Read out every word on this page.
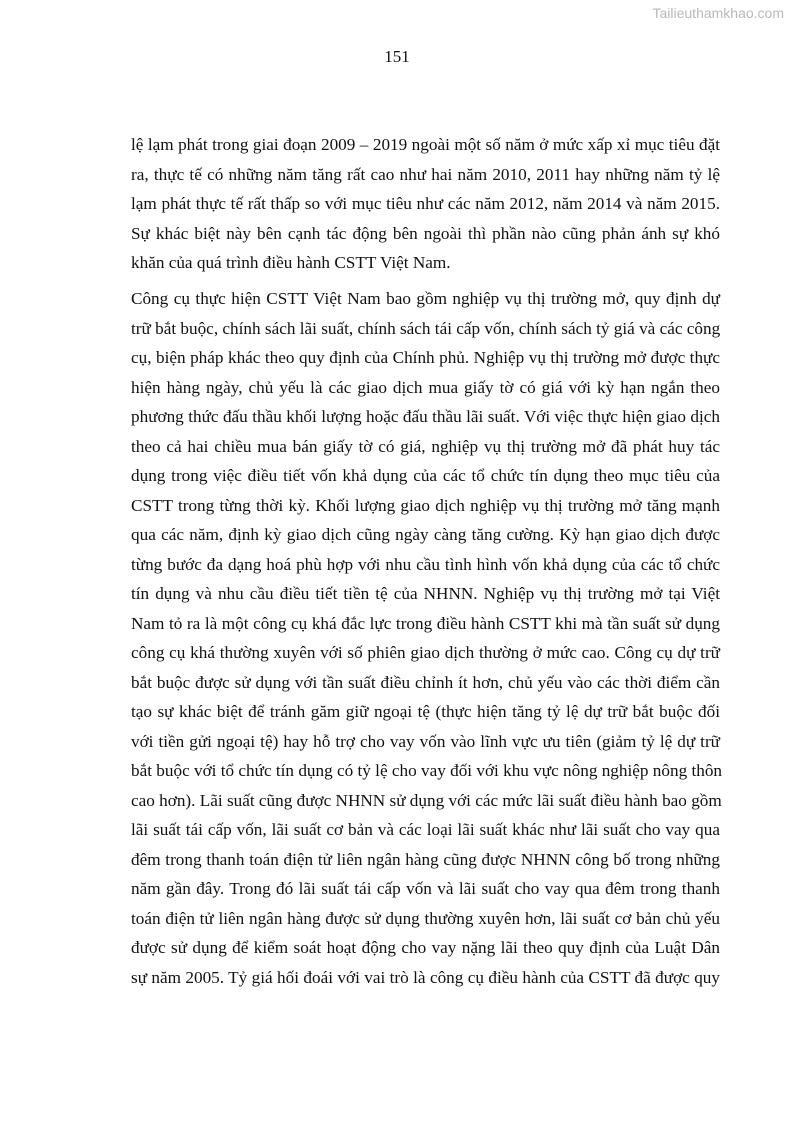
Tailieuthamkhao.com
151
lệ lạm phát trong giai đoạn 2009 – 2019 ngoài một số năm ở mức xấp xỉ mục tiêu đặt
ra, thực tế có những năm tăng rất cao như hai năm 2010, 2011 hay những năm tỷ lệ
lạm phát thực tế rất thấp so với mục tiêu như các năm 2012, năm 2014 và năm 2015.
Sự khác biệt này bên cạnh tác động bên ngoài thì phần nào cũng phản ánh sự khó
khăn của quá trình điều hành CSTT Việt Nam.
Công cụ thực hiện CSTT Việt Nam bao gồm nghiệp vụ thị trường mở, quy định dự
trữ bắt buộc, chính sách lãi suất, chính sách tái cấp vốn, chính sách tỷ giá và các công
cụ, biện pháp khác theo quy định của Chính phủ. Nghiệp vụ thị trường mở được thực
hiện hàng ngày, chủ yếu là các giao dịch mua giấy tờ có giá với kỳ hạn ngắn theo
phương thức đấu thầu khối lượng hoặc đấu thầu lãi suất. Với việc thực hiện giao dịch
theo cả hai chiều mua bán giấy tờ có giá, nghiệp vụ thị trường mở đã phát huy tác
dụng trong việc điều tiết vốn khả dụng của các tổ chức tín dụng theo mục tiêu của
CSTT trong từng thời kỳ. Khối lượng giao dịch nghiệp vụ thị trường mở tăng mạnh
qua các năm, định kỳ giao dịch cũng ngày càng tăng cường. Kỳ hạn giao dịch được
từng bước đa dạng hoá phù hợp với nhu cầu tình hình vốn khả dụng của các tổ chức
tín dụng và nhu cầu điều tiết tiền tệ của NHNN. Nghiệp vụ thị trường mở tại Việt
Nam tỏ ra là một công cụ khá đắc lực trong điều hành CSTT khi mà tần suất sử dụng
công cụ khá thường xuyên với số phiên giao dịch thường ở mức cao. Công cụ dự trữ
bắt buộc được sử dụng với tần suất điều chỉnh ít hơn, chủ yếu vào các thời điểm cần
tạo sự khác biệt để tránh găm giữ ngoại tệ (thực hiện tăng tỷ lệ dự trữ bắt buộc đối
với tiền gửi ngoại tệ) hay hỗ trợ cho vay vốn vào lĩnh vực ưu tiên (giảm tỷ lệ dự trữ
bắt buộc với tổ chức tín dụng có tỷ lệ cho vay đối với khu vực nông nghiệp nông thôn
cao hơn). Lãi suất cũng được NHNN sử dụng với các mức lãi suất điều hành bao gồm
lãi suất tái cấp vốn, lãi suất cơ bản và các loại lãi suất khác như lãi suất cho vay qua
đêm trong thanh toán điện tử liên ngân hàng cũng được NHNN công bố trong những
năm gần đây. Trong đó lãi suất tái cấp vốn và lãi suất cho vay qua đêm trong thanh
toán điện tử liên ngân hàng được sử dụng thường xuyên hơn, lãi suất cơ bản chủ yếu
được sử dụng để kiểm soát hoạt động cho vay nặng lãi theo quy định của Luật Dân
sự năm 2005. Tỷ giá hối đoái với vai trò là công cụ điều hành của CSTT đã được quy
